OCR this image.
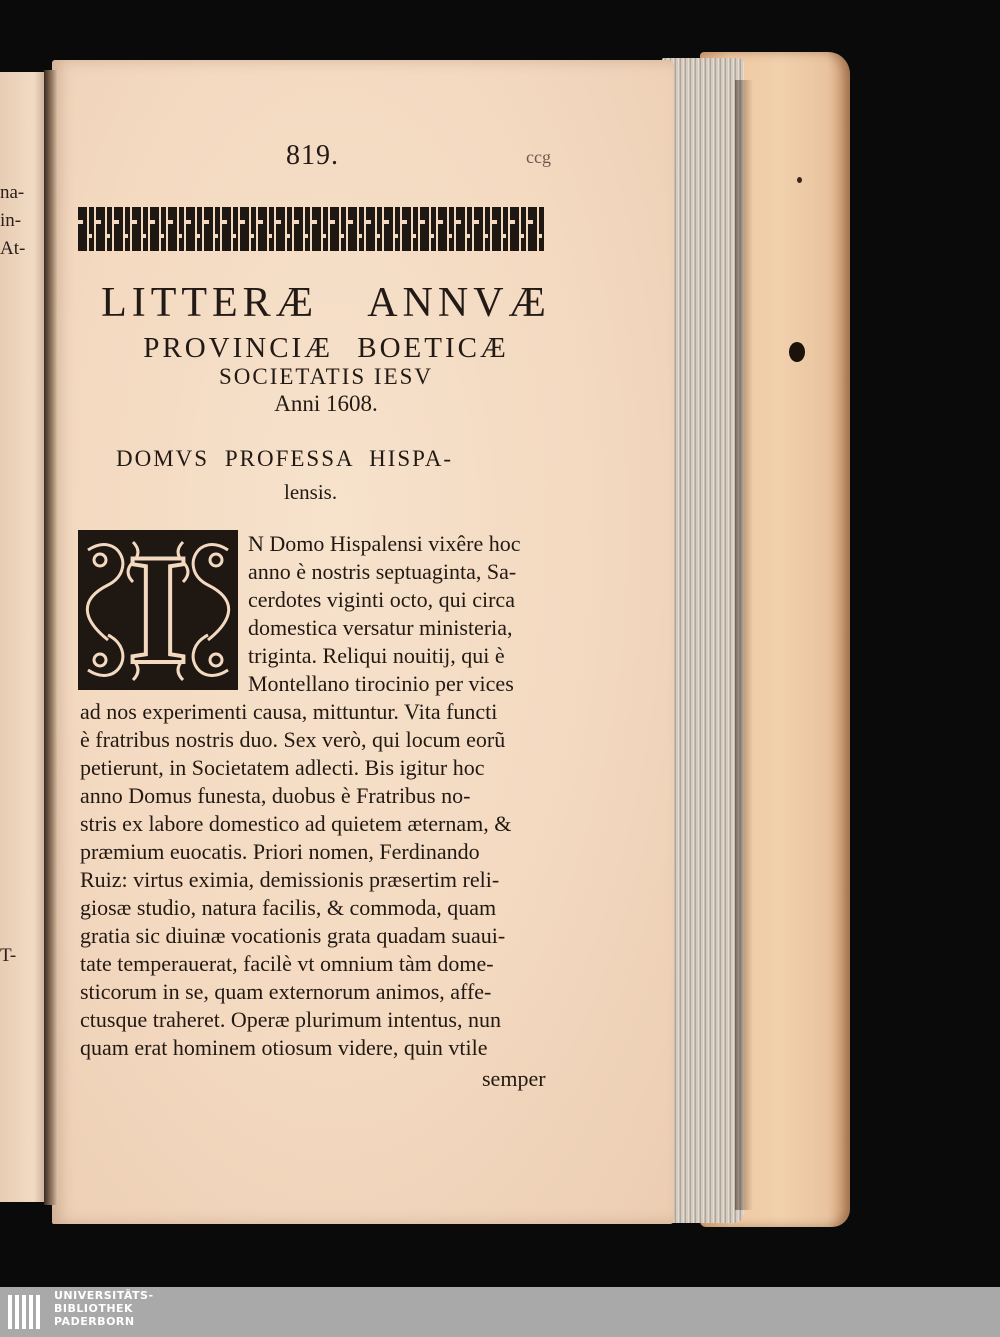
na-
in-
At-
T-
819.	ccg
LITTERÆ ANNVÆ
PROVINCIÆ BOETICÆ
SOCIETATIS IESV
Anni 1608.
DOMVS PROFESSA HISPA-
lensis.
I	N Domo Hispalensi vixêre hoc
anno è nostris septuaginta, Sa-
cerdotes viginti octo, qui circa
domestica versatur ministeria,
triginta. Reliqui nouitij, qui è
Montellano tirocinio per vices
ad nos experimenti causa, mittuntur. Vita functi
è fratribus nostris duo. Sex verò, qui locum eorũ
petierunt, in Societatem adlecti. Bis igitur hoc
anno Domus funesta, duobus è Fratribus no-
stris ex labore domestico ad quietem æternam, &
præmium euocatis. Priori nomen, Ferdinando
Ruiz: virtus eximia, demissionis præsertim reli-
giosæ studio, natura facilis, & commoda, quam
gratia sic diuinæ vocationis grata quadam suaui-
tate temperauerat, facilè vt omnium tàm dome-
sticorum in se, quam externorum animos, affe-
ctusque traheret. Operæ plurimum intentus, nun
quam erat hominem otiosum videre, quin vtile
semper
UNIVERSITÄTS-
BIBLIOTHEK
PADERBORN
